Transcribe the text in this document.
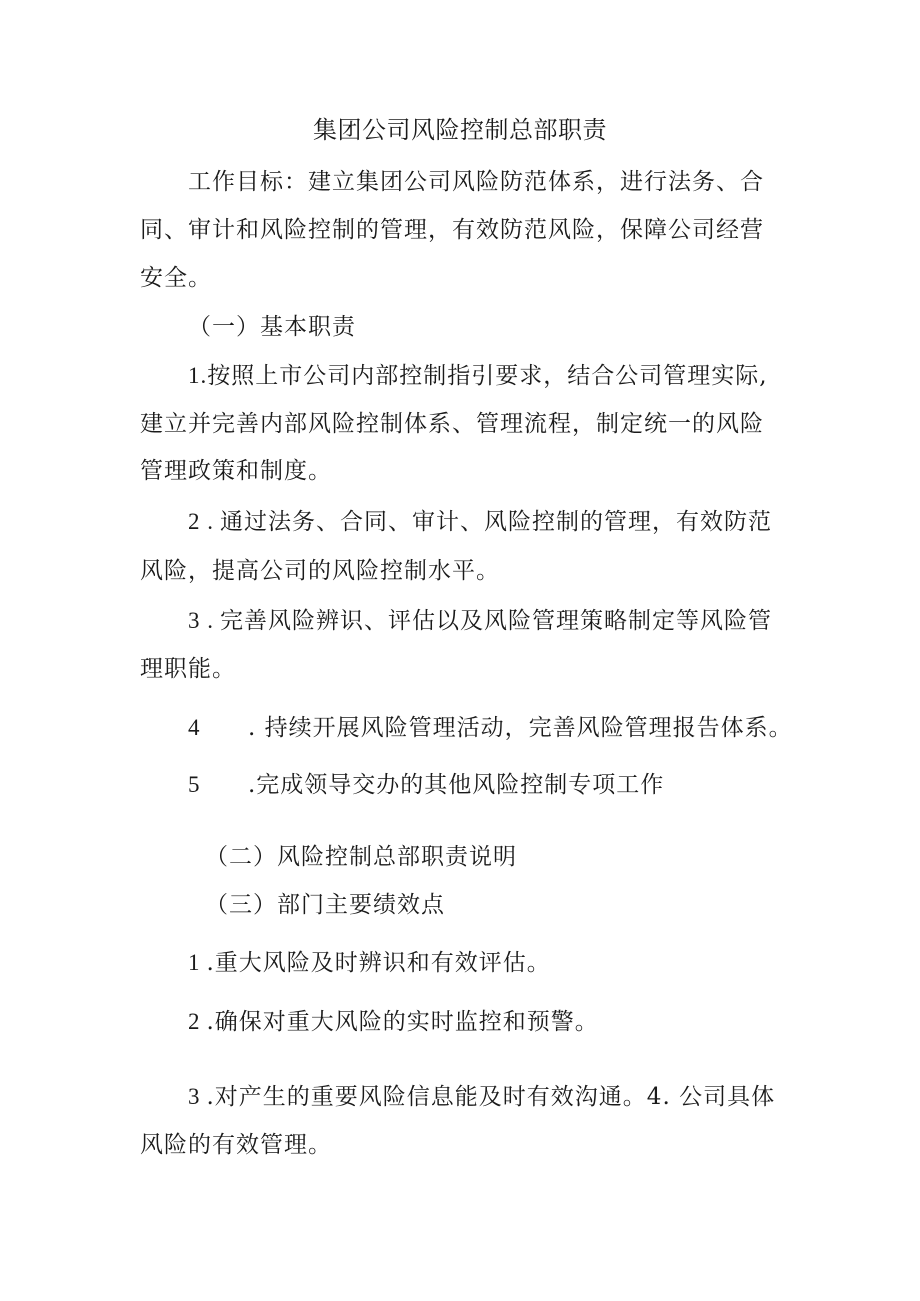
集团公司风险控制总部职责
工作目标：建立集团公司风险防范体系，进行法务、合
同、审计和风险控制的管理，有效防范风险，保障公司经营
安全。
（一）基本职责
1.按照上市公司内部控制指引要求，结合公司管理实际,
建立并完善内部风险控制体系、管理流程，制定统一的风险
管理政策和制度。
2 . 通过法务、合同、审计、风险控制的管理，有效防范
风险，提高公司的风险控制水平。
3 . 完善风险辨识、评估以及风险管理策略制定等风险管
理职能。
4 . 持续开展风险管理活动，完善风险管理报告体系。
5 .完成领导交办的其他风险控制专项工作
（二）风险控制总部职责说明
（三）部门主要绩效点
1 .重大风险及时辨识和有效评估。
2 .确保对重大风险的实时监控和预警。
3 .对产生的重要风险信息能及时有效沟通。4. 公司具体
风险的有效管理。
